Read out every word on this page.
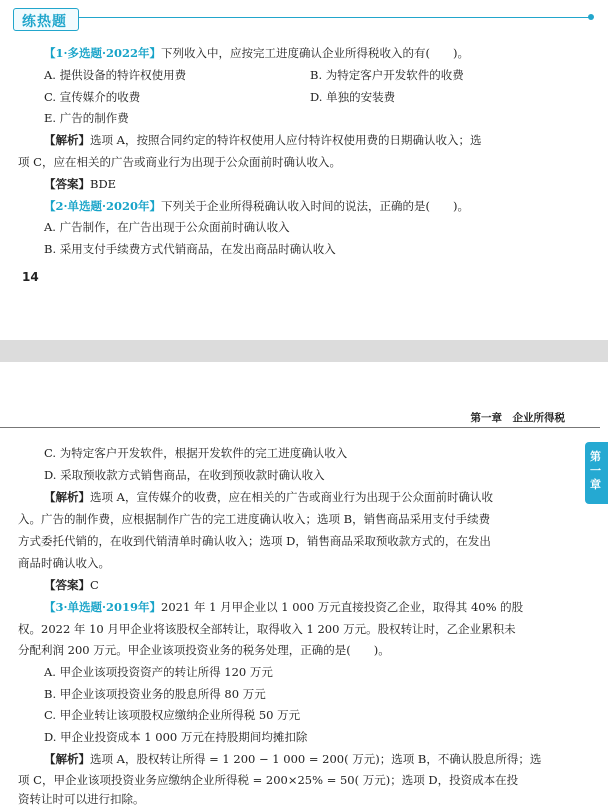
练热题
【1·多选题·2022年】下列收入中，应按完工进度确认企业所得税收入的有(　　)。
A. 提供设备的特许权使用费	B. 为特定客户开发软件的收费
C. 宣传媒介的收费	D. 单独的安装费
E. 广告的制作费
【解析】选项 A，按照合同约定的特许权使用人应付特许权使用费的日期确认收入；选
项 C，应在相关的广告或商业行为出现于公众面前时确认收入。
【答案】BDE
【2·单选题·2020年】下列关于企业所得税确认收入时间的说法，正确的是(　　)。
A. 广告制作，在广告出现于公众面前时确认收入
B. 采用支付手续费方式代销商品，在发出商品时确认收入
14
第一章　企业所得税
第一章
C. 为特定客户开发软件，根据开发软件的完工进度确认收入
D. 采取预收款方式销售商品，在收到预收款时确认收入
【解析】选项 A，宣传媒介的收费，应在相关的广告或商业行为出现于公众面前时确认收
入。广告的制作费，应根据制作广告的完工进度确认收入；选项 B，销售商品采用支付手续费
方式委托代销的，在收到代销清单时确认收入；选项 D，销售商品采取预收款方式的，在发出
商品时确认收入。
【答案】C
【3·单选题·2019年】2021 年 1 月甲企业以 1 000 万元直接投资乙企业，取得其 40% 的股
权。2022 年 10 月甲企业将该股权全部转让，取得收入 1 200 万元。股权转让时，乙企业累积未
分配利润 200 万元。甲企业该项投资业务的税务处理，正确的是(　　)。
A. 甲企业该项投资资产的转让所得 120 万元
B. 甲企业该项投资业务的股息所得 80 万元
C. 甲企业转让该项股权应缴纳企业所得税 50 万元
D. 甲企业投资成本 1 000 万元在持股期间均摊扣除
【解析】选项 A，股权转让所得 = 1 200 − 1 000 = 200( 万元)；选项 B，不确认股息所得；选
项 C，甲企业该项投资业务应缴纳企业所得税 = 200×25% = 50( 万元)；选项 D，投资成本在投
资转让时可以进行扣除。
